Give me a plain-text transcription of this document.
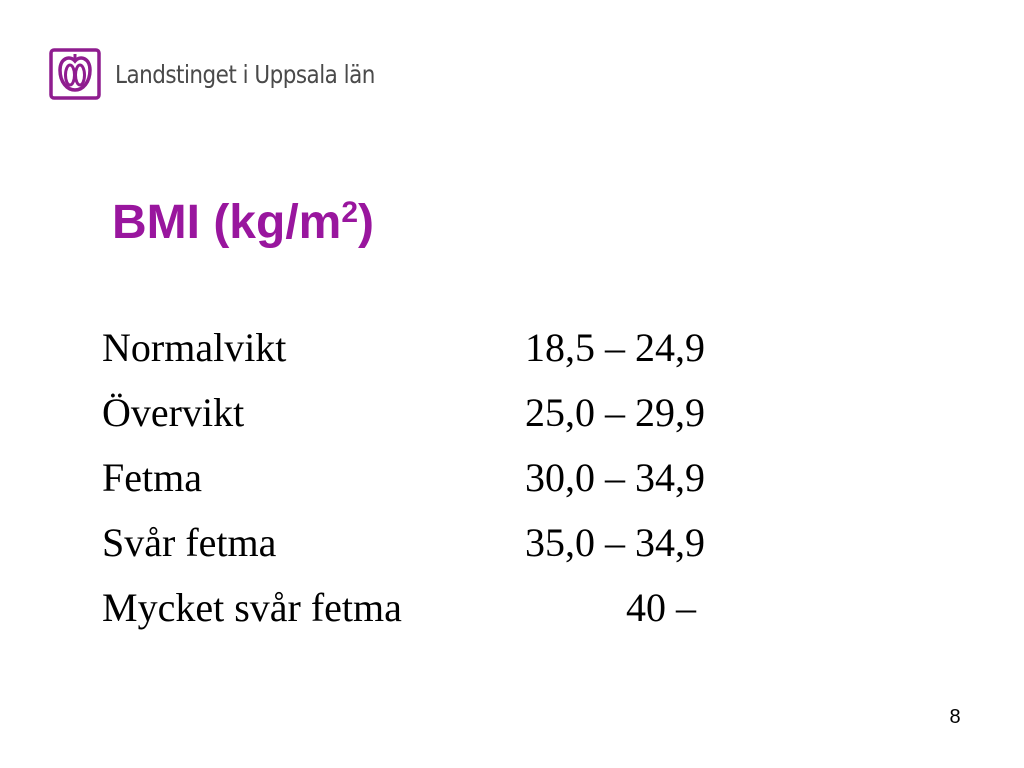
Landstinget i Uppsala län
BMI $(kg/m^2)$
Normalvikt	18,5 – 24,9
Övervikt	25,0 – 29,9
Fetma	30,0 – 34,9
Svår fetma	35,0 – 34,9
Mycket svår fetma	40 –
8
